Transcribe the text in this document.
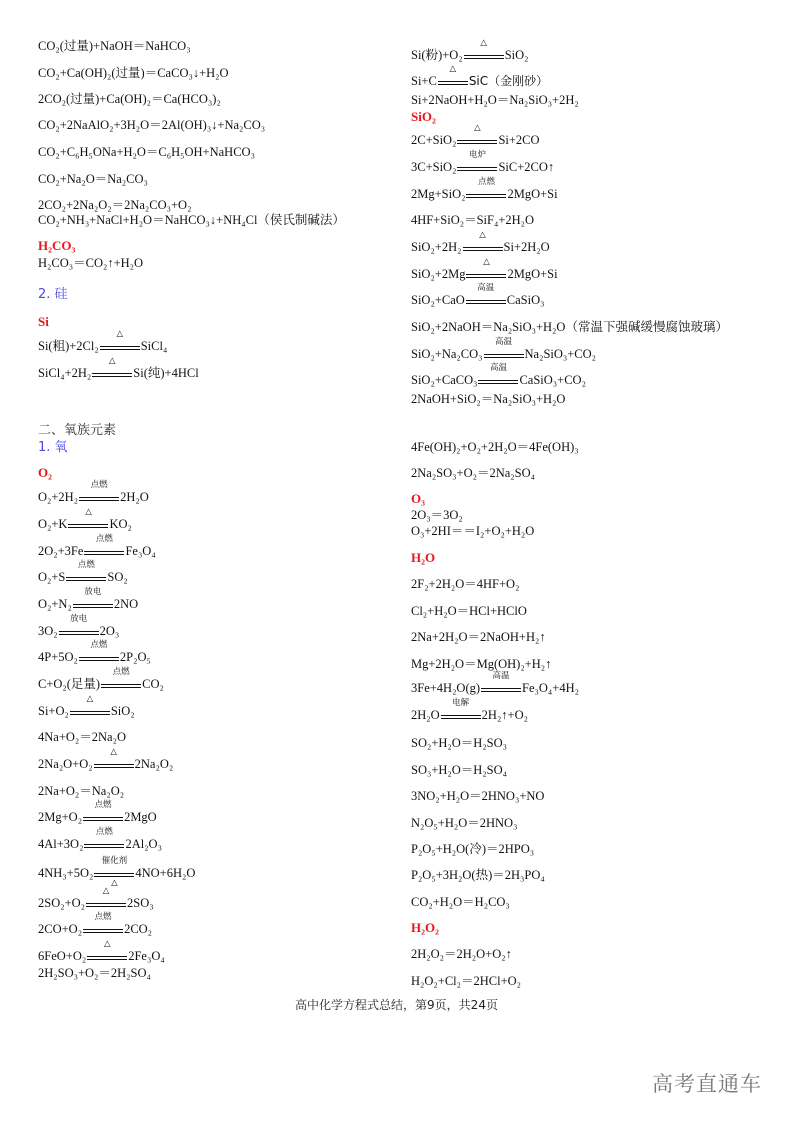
CO₂(过量)+NaOH＝NaHCO₃
CO₂+Ca(OH)₂(过量)＝CaCO₃↓+H₂O
2CO₂(过量)+Ca(OH)₂＝Ca(HCO₃)₂
CO₂+2NaAlO₂+3H₂O＝2Al(OH)₃↓+Na₂CO₃
CO₂+C₆H₅ONa+H₂O＝C₆H₅OH+NaHCO₃
CO₂+Na₂O＝Na₂CO₃
2CO₂+2Na₂O₂＝2Na₂CO₃+O₂
CO₂+NH₃+NaCl+H₂O＝NaHCO₃↓+NH₄Cl（侯氏制碱法）
H₂CO₃
H₂CO₃＝CO₂↑+H₂O
2. 硅
Si
Si(粗)+2Cl₂
△
SiCl₄
SiCl₄+2H₂
△
Si(纯)+4HCl
二、氧族元素
1. 氧
O₂
O₂+2H₂
点燃
2H₂O
O₂+K
△
KO₂
2O₂+3Fe
点燃
Fe₃O₄
O₂+S
点燃
SO₂
O₂+N₂
放电
2NO
3O₂
放电
2O₃
4P+5O₂
点燃
2P₂O₅
C+O₂(足量)
点燃
CO₂
Si+O₂
△
SiO₂
4Na+O₂＝2Na₂O
2Na₂O+O₂
△
2Na₂O₂
2Na+O₂＝Na₂O₂
2Mg+O₂
点燃
2MgO
4Al+3O₂
点燃
2Al₂O₃
4NH₃+5O₂
催化剂
△
4NO+6H₂O
2SO₂+O₂
△
2SO₃
2CO+O₂
点燃
2CO₂
6FeO+O₂
△
2Fe₃O₄
2H₂SO₃+O₂＝2H₂SO₄
Si(粉)+O₂
△
SiO₂
Si+C
△
SiC（金刚砂）
Si+2NaOH+H₂O＝Na₂SiO₃+2H₂
SiO₂
2C+SiO₂
△
Si+2CO
3C+SiO₂
电炉
SiC+2CO↑
2Mg+SiO₂
点燃
2MgO+Si
4HF+SiO₂＝SiF₄+2H₂O
SiO₂+2H₂
△
Si+2H₂O
SiO₂+2Mg
△
2MgO+Si
SiO₂+CaO
高温
CaSiO₃
SiO₂+2NaOH＝Na₂SiO₃+H₂O（常温下强碱缓慢腐蚀玻璃）
SiO₂+Na₂CO₃
高温
Na₂SiO₃+CO₂
SiO₂+CaCO₃
高温
CaSiO₃+CO₂
2NaOH+SiO₂＝Na₂SiO₃+H₂O
4Fe(OH)₂+O₂+2H₂O＝4Fe(OH)₃
2Na₂SO₃+O₂＝2Na₂SO₄
O₃
2O₃＝3O₂
O₃+2HI＝＝I₂+O₂+H₂O
H₂O
2F₂+2H₂O＝4HF+O₂
Cl₂+H₂O＝HCl+HClO
2Na+2H₂O＝2NaOH+H₂↑
Mg+2H₂O＝Mg(OH)₂+H₂↑
3Fe+4H₂O(g)
高温
Fe₃O₄+4H₂
2H₂O
电解
2H₂↑+O₂
SO₂+H₂O＝H₂SO₃
SO₃+H₂O＝H₂SO₄
3NO₂+H₂O＝2HNO₃+NO
N₂O₅+H₂O＝2HNO₃
P₂O₅+H₂O(冷)＝2HPO₃
P₂O₅+3H₂O(热)＝2H₃PO₄
CO₂+H₂O＝H₂CO₃
H₂O₂
2H₂O₂＝2H₂O+O₂↑
H₂O₂+Cl₂＝2HCl+O₂
高中化学方程式总结，第9页，共24页
高考直通车
